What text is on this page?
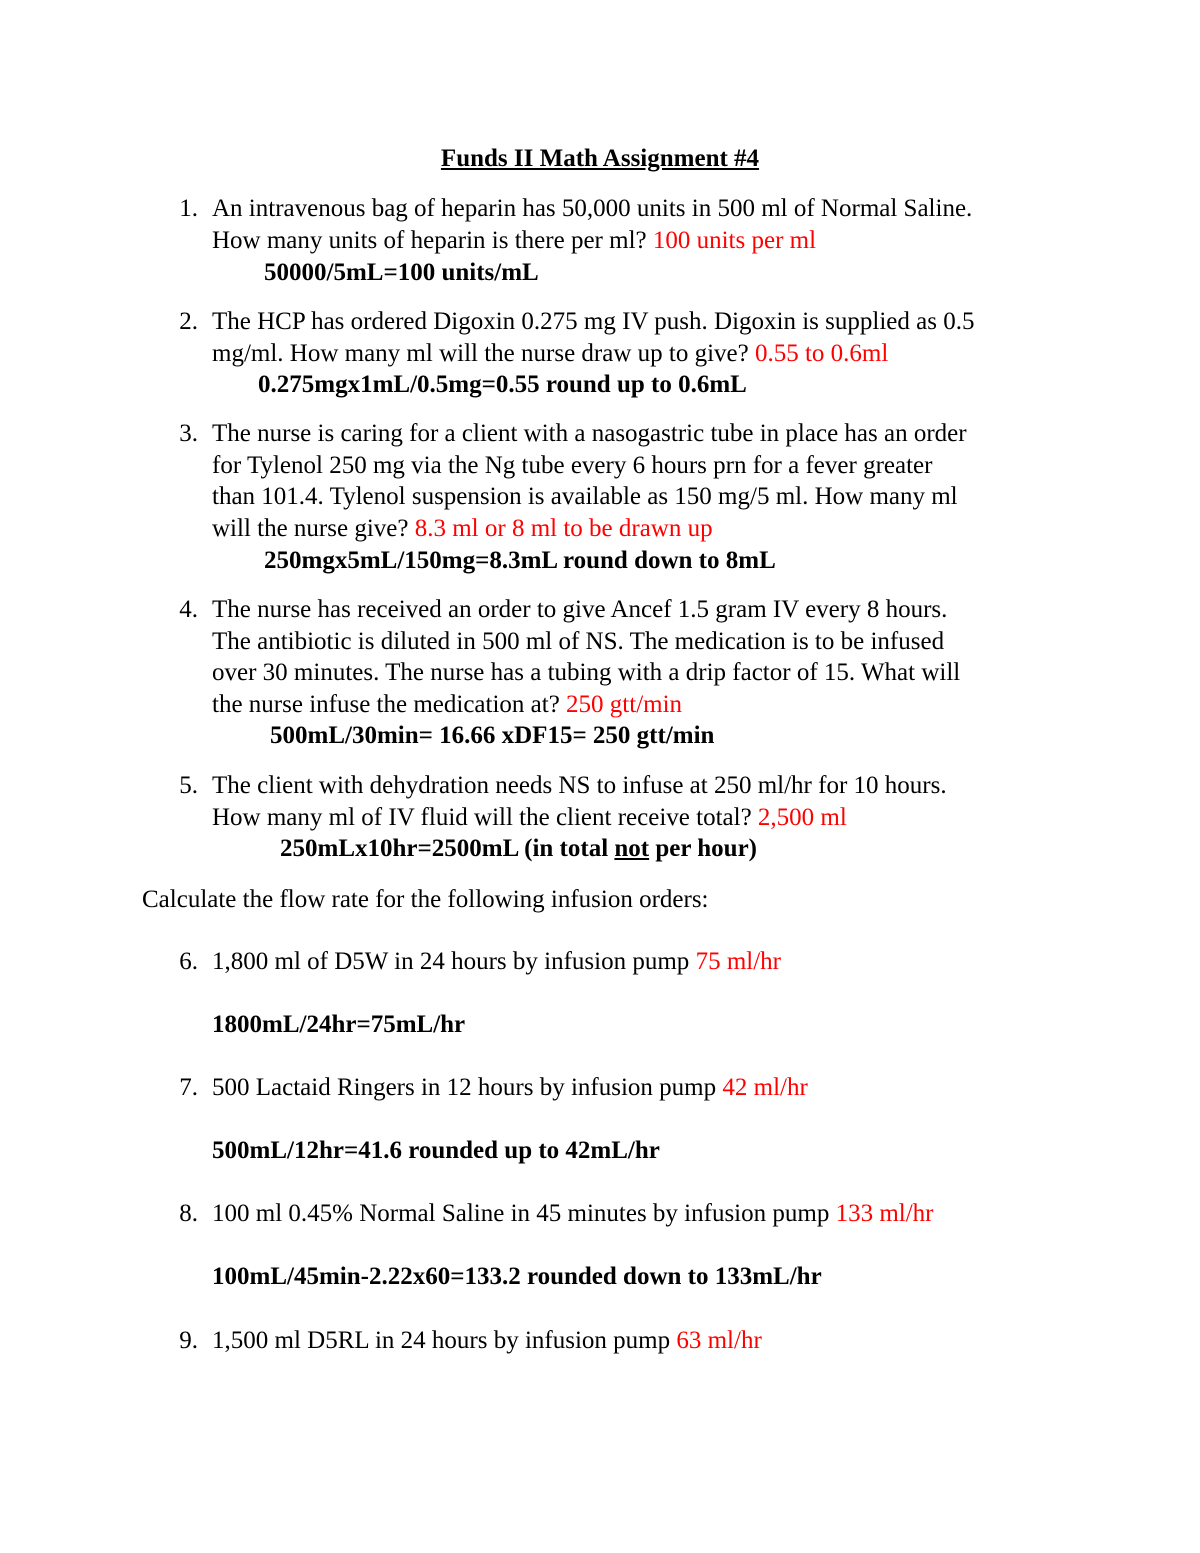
Funds II Math Assignment #4
1. An intravenous bag of heparin has 50,000 units in 500 ml of Normal Saline.
How many units of heparin is there per ml? 100 units per ml
50000/5mL=100 units/mL
2. The HCP has ordered Digoxin 0.275 mg IV push. Digoxin is supplied as 0.5
mg/ml. How many ml will the nurse draw up to give? 0.55 to 0.6ml
0.275mgx1mL/0.5mg=0.55 round up to 0.6mL
3. The nurse is caring for a client with a nasogastric tube in place has an order
for Tylenol 250 mg via the Ng tube every 6 hours prn for a fever greater
than 101.4. Tylenol suspension is available as 150 mg/5 ml. How many ml
will the nurse give? 8.3 ml or 8 ml to be drawn up
250mgx5mL/150mg=8.3mL round down to 8mL
4. The nurse has received an order to give Ancef 1.5 gram IV every 8 hours.
The antibiotic is diluted in 500 ml of NS. The medication is to be infused
over 30 minutes. The nurse has a tubing with a drip factor of 15. What will
the nurse infuse the medication at? 250 gtt/min
500mL/30min= 16.66 xDF15= 250 gtt/min
5. The client with dehydration needs NS to infuse at 250 ml/hr for 10 hours.
How many ml of IV fluid will the client receive total? 2,500 ml
250mLx10hr=2500mL (in total not per hour)
Calculate the flow rate for the following infusion orders:
6. 1,800 ml of D5W in 24 hours by infusion pump 75 ml/hr
1800mL/24hr=75mL/hr
7. 500 Lactaid Ringers in 12 hours by infusion pump 42 ml/hr
500mL/12hr=41.6 rounded up to 42mL/hr
8. 100 ml 0.45% Normal Saline in 45 minutes by infusion pump 133 ml/hr
100mL/45min-2.22x60=133.2 rounded down to 133mL/hr
9. 1,500 ml D5RL in 24 hours by infusion pump 63 ml/hr
